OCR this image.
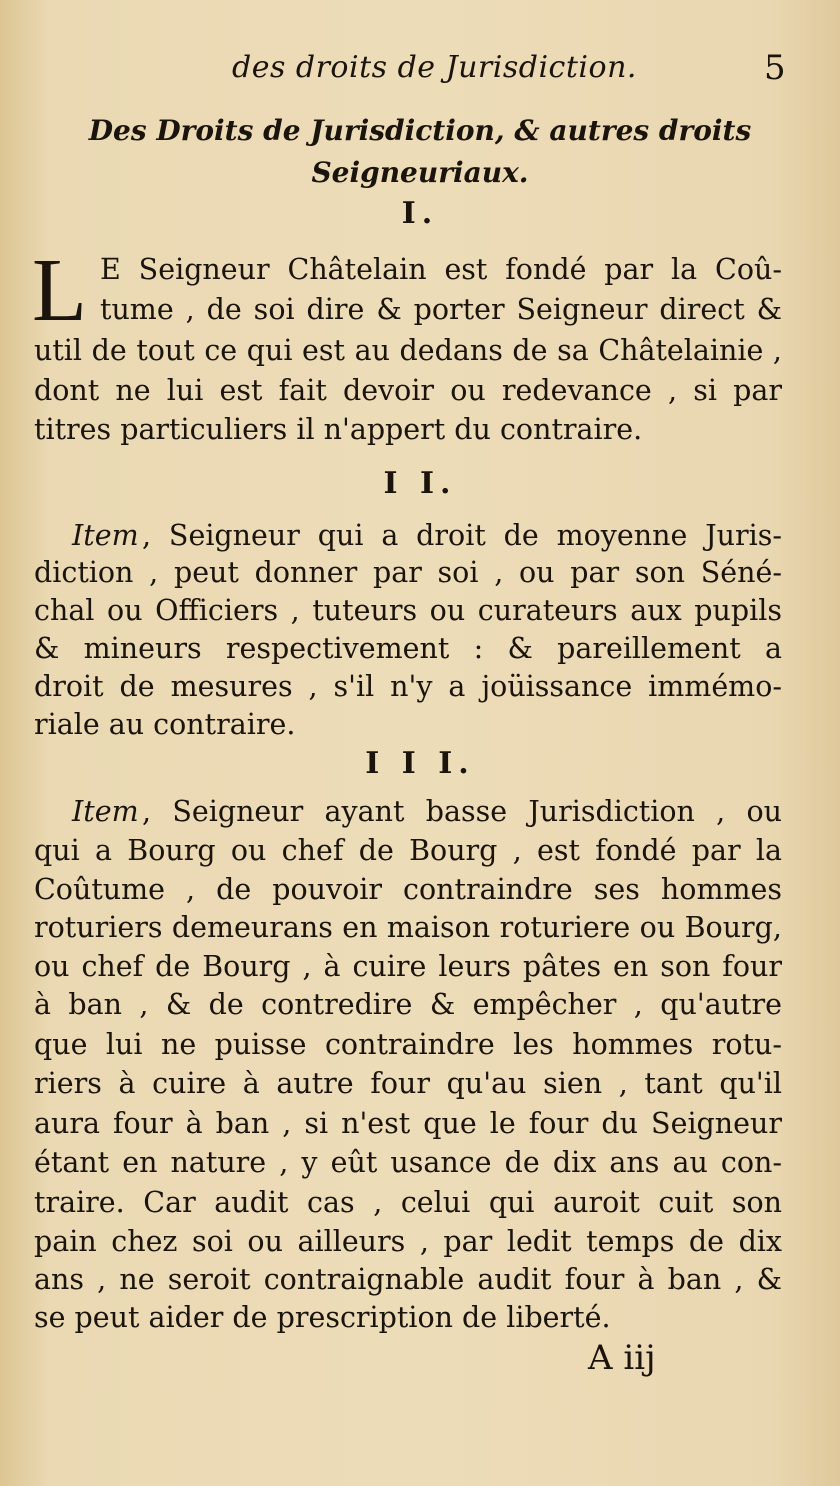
des droits de Jurisdiction.	5
Des Droits de Jurisdiction, & autres droits Seigneuriaux.
I.
L E Seigneur Châtelain est fondé par la Coû-
tume , de soi dire & porter Seigneur direct &
util de tout ce qui est au dedans de sa Châtelainie ,
dont ne lui est fait devoir ou redevance , si par
titres particuliers il n'appert du contraire.
I I.
Item , Seigneur qui a droit de moyenne Juris-
diction , peut donner par soi , ou par son Séné-
chal ou Officiers , tuteurs ou curateurs aux pupils
& mineurs respectivement : & pareillement a
droit de mesures , s'il n'y a joüissance immémo-
riale au contraire.
I I I.
Item , Seigneur ayant basse Jurisdiction , ou
qui a Bourg ou chef de Bourg , est fondé par la
Coûtume , de pouvoir contraindre ses hommes
roturiers demeurans en maison roturiere ou Bourg,
ou chef de Bourg , à cuire leurs pâtes en son four
à ban , & de contredire & empêcher , qu'autre
que lui ne puisse contraindre les hommes rotu-
riers à cuire à autre four qu'au sien , tant qu'il
aura four à ban , si n'est que le four du Seigneur
étant en nature , y eût usance de dix ans au con-
traire. Car audit cas , celui qui auroit cuit son
pain chez soi ou ailleurs , par ledit temps de dix
ans , ne seroit contraignable audit four à ban , &
se peut aider de prescription de liberté.
A iij
